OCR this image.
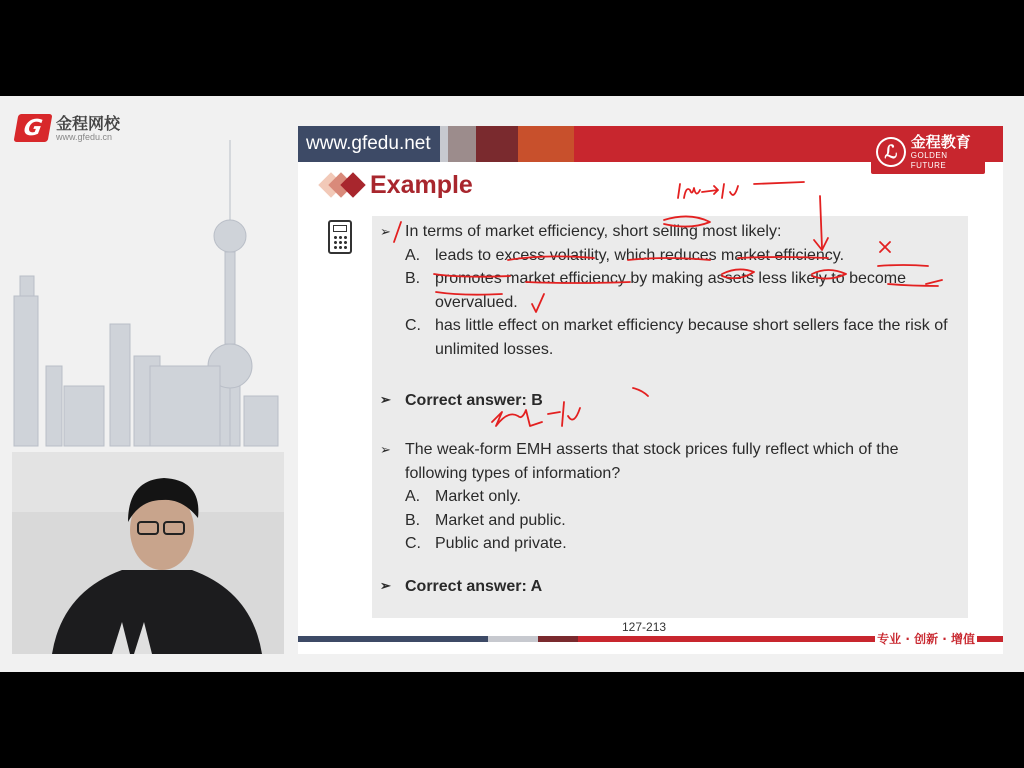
G 金程网校
www.gfedu.cn	www.gfedu.net	ℒ 金程教育
GOLDEN FUTURE
Example
➢ In terms of market efficiency, short selling most likely:
A. leads to excess volatility, which reduces market efficiency.
B. promotes market efficiency by making assets less likely to become overvalued.
C. has little effect on market efficiency because short sellers face the risk of unlimited losses.
➢ Correct answer: B
➢ The weak-form EMH asserts that stock prices fully reflect which of the following types of information?
A. Market only.
B. Market and public.
C. Public and private.
➢ Correct answer: A
127-213
专业 · 创新 · 增值
